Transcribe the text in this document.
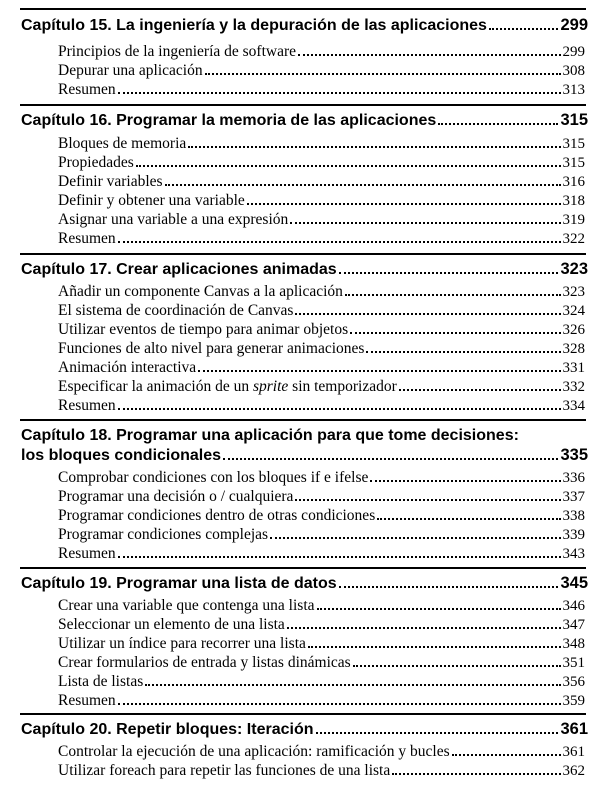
Capítulo 15. La ingeniería y la depuración de las aplicaciones	299
Principios de la ingeniería de software	299
Depurar una aplicación	308
Resumen	313
Capítulo 16. Programar la memoria de las aplicaciones	315
Bloques de memoria	315
Propiedades	315
Definir variables	316
Definir y obtener una variable	318
Asignar una variable a una expresión	319
Resumen	322
Capítulo 17. Crear aplicaciones animadas	323
Añadir un componente Canvas a la aplicación	323
El sistema de coordinación de Canvas	324
Utilizar eventos de tiempo para animar objetos	326
Funciones de alto nivel para generar animaciones	328
Animación interactiva	331
Especificar la animación de un sprite sin temporizador	332
Resumen	334
Capítulo 18. Programar una aplicación para que tome decisiones:
los bloques condicionales	335
Comprobar condiciones con los bloques if e ifelse	336
Programar una decisión o / cualquiera	337
Programar condiciones dentro de otras condiciones	338
Programar condiciones complejas	339
Resumen	343
Capítulo 19. Programar una lista de datos	345
Crear una variable que contenga una lista	346
Seleccionar un elemento de una lista	347
Utilizar un índice para recorrer una lista	348
Crear formularios de entrada y listas dinámicas	351
Lista de listas	356
Resumen	359
Capítulo 20. Repetir bloques: Iteración	361
Controlar la ejecución de una aplicación: ramificación y bucles	361
Utilizar foreach para repetir las funciones de una lista	362
